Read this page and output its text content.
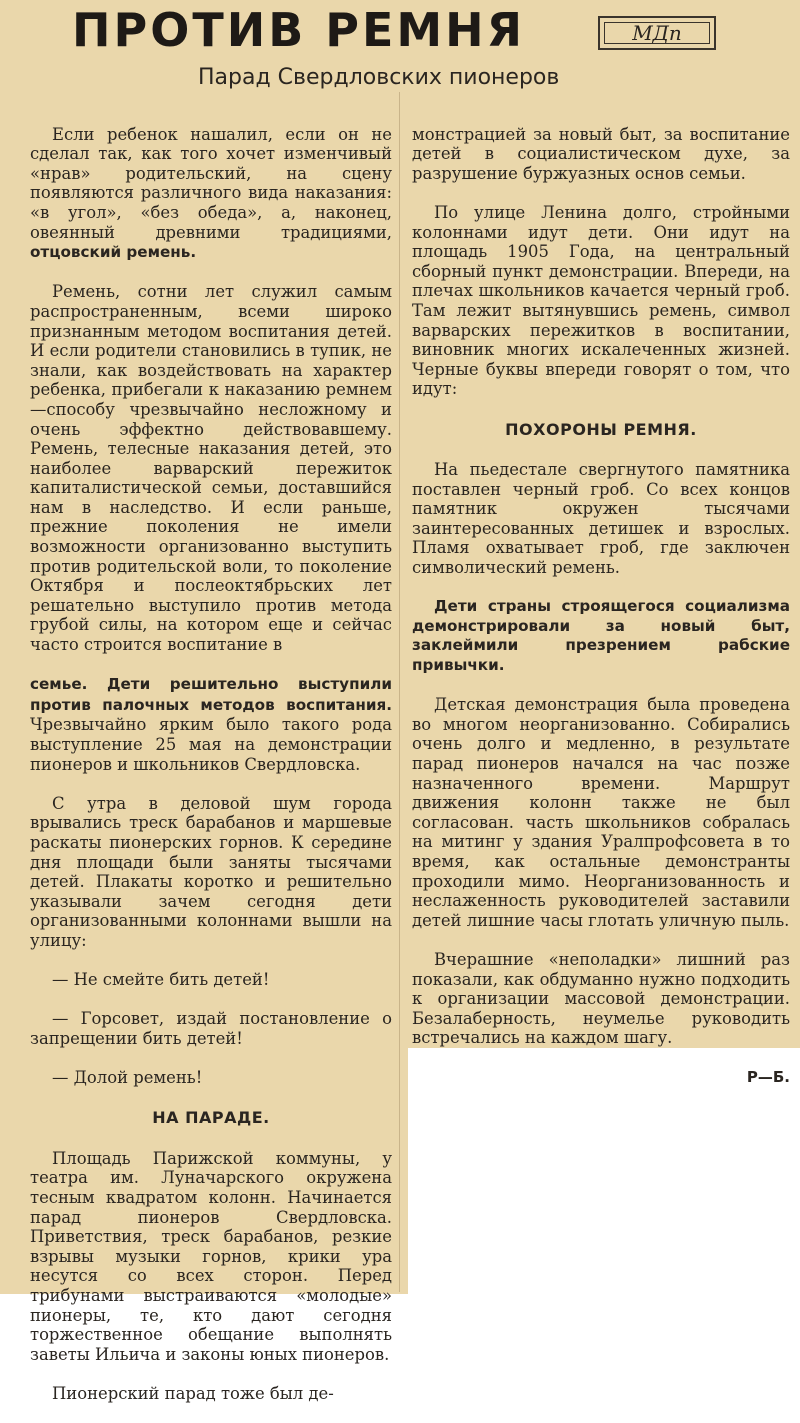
ПРОТИВ РЕМНЯ	МДп
Парад Свердловских пионеров

Если ребенок нашалил, если он не сделал так, как того хочет изменчивый «нрав» родительский, на сцену появляются различного вида наказания: «в угол», «без обеда», а, наконец, овеянный древними традициями, отцовский ремень.

Ремень, сотни лет служил самым распространенным, всеми широко признанным методом воспитания детей. И если родители становились в тупик, не знали, как воздействовать на характер ребенка, прибегали к наказанию ремнем—способу чрезвычайно несложному и очень эффектно действовавшему. Ремень, телесные наказания детей, это наиболее варварский пережиток капиталистической семьи, доставшийся нам в наследство. И если раньше, прежние поколения не имели возможности организованно выступить против родительской воли, то поколение Октября и послеоктябрьских лет решательно выступило против метода грубой силы, на котором еще и сейчас часто строится воспитание в

семье. Дети решительно выступили против палочных методов воспитания. Чрезвычайно ярким было такого рода выступление 25 мая на демонстрации пионеров и школьников Свердловска.

С утра в деловой шум города врывались треск барабанов и маршевые раскаты пионерских горнов. К середине дня площади были заняты тысячами детей. Плакаты коротко и решительно указывали зачем сегодня дети организованными колоннами вышли на улицу:

— Не смейте бить детей!

— Горсовет, издай постановление о запрещении бить детей!

— Долой ремень!

НА ПАРАДЕ.

Площадь Парижской коммуны, у театра им. Луначарского окружена тесным квадратом колонн. Начинается парад пионеров Свердловска. Приветствия, треск барабанов, резкие взрывы музыки горнов, крики ура несутся со всех сторон. Перед трибунами выстраиваются «молодые» пионеры, те, кто дают сегодня торжественное обещание выполнять заветы Ильича и законы юных пионеров.

Пионерский парад тоже был де-

монстрацией за новый быт, за воспитание детей в социалистическом духе, за разрушение буржуазных основ семьи.

По улице Ленина долго, стройными колоннами идут дети. Они идут на площадь 1905 Года, на центральный сборный пункт демонстрации. Впереди, на плечах школьников качается черный гроб. Там лежит вытянувшись ремень, символ варварских пережитков в воспитании, виновник многих искалеченных жизней. Черные буквы впереди говорят о том, что идут:

ПОХОРОНЫ РЕМНЯ.

На пьедестале свергнутого памятника поставлен черный гроб. Со всех концов памятник окружен тысячами заинтересованных детишек и взрослых. Пламя охватывает гроб, где заключен символический ремень.

Дети страны строящегося социализма демонстрировали за новый быт, заклеймили презрением рабские привычки.

Детская демонстрация была проведена во многом неорганизованно. Собирались очень долго и медленно, в результате парад пионеров начался на час позже назначенного времени. Маршрут движения колонн также не был согласован. часть школьников собралась на митинг у здания Уралпрофсовета в то время, как остальные демонстранты проходили мимо. Неорганизованность и неслаженность руководителей заставили детей лишние часы глотать уличную пыль.

Вчерашние «неполадки» лишний раз показали, как обдуманно нужно подходить к организации массовой демонстрации. Безалаберность, неумелье руководить встречались на каждом шагу.

Р—Б.
